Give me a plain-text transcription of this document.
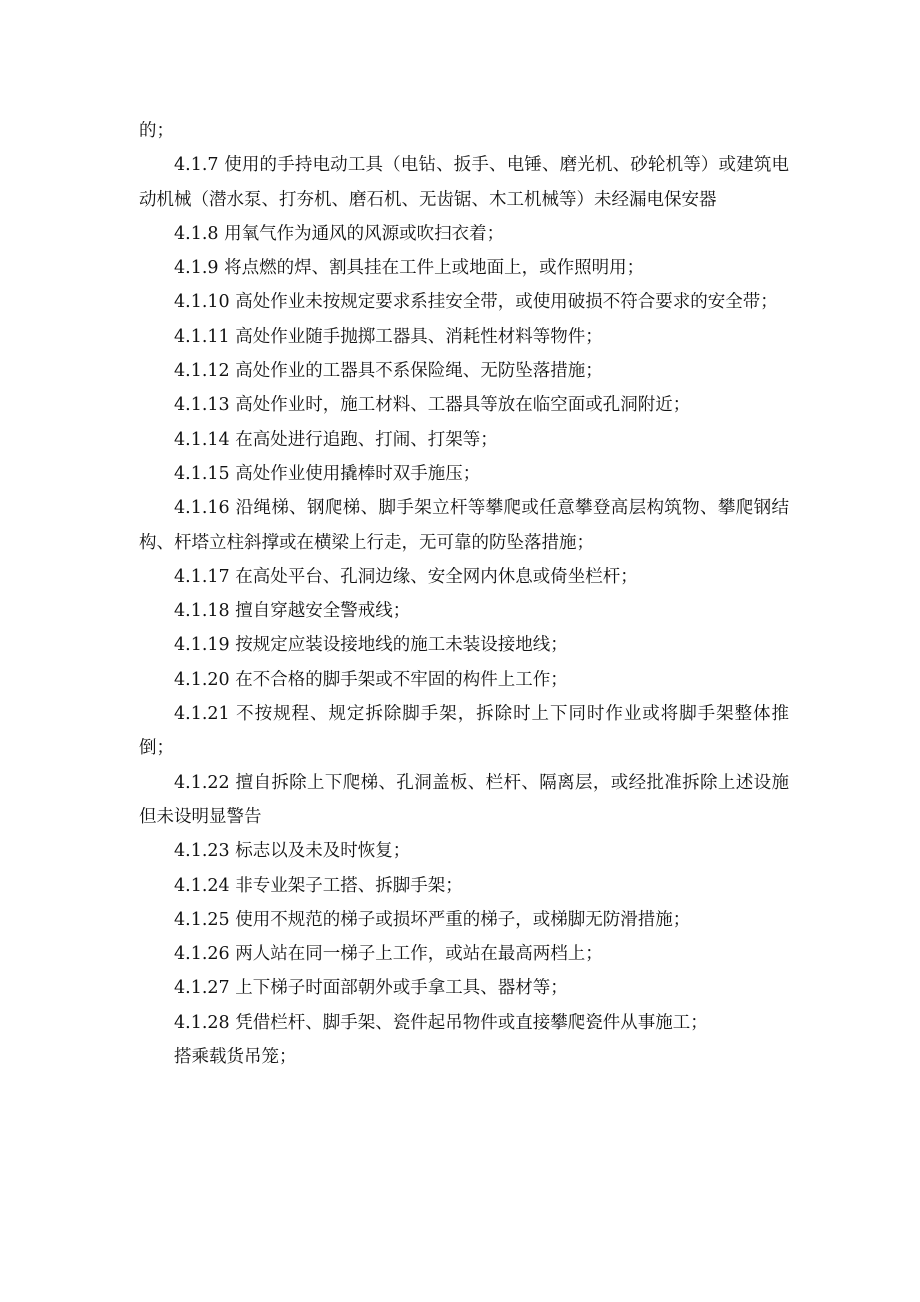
的；

4.1.7 使用的手持电动工具（电钻、扳手、电锤、磨光机、砂轮机等）或建筑电动机械（潜水泵、打夯机、磨石机、无齿锯、木工机械等）未经漏电保安器

4.1.8 用氧气作为通风的风源或吹扫衣着；

4.1.9 将点燃的焊、割具挂在工件上或地面上，或作照明用；

4.1.10 高处作业未按规定要求系挂安全带，或使用破损不符合要求的安全带；

4.1.11 高处作业随手抛掷工器具、消耗性材料等物件；

4.1.12 高处作业的工器具不系保险绳、无防坠落措施；

4.1.13 高处作业时，施工材料、工器具等放在临空面或孔洞附近；

4.1.14 在高处进行追跑、打闹、打架等；

4.1.15 高处作业使用撬棒时双手施压；

4.1.16 沿绳梯、钢爬梯、脚手架立杆等攀爬或任意攀登高层构筑物、攀爬钢结构、杆塔立柱斜撑或在横梁上行走，无可靠的防坠落措施；

4.1.17 在高处平台、孔洞边缘、安全网内休息或倚坐栏杆；

4.1.18 擅自穿越安全警戒线；

4.1.19 按规定应装设接地线的施工未装设接地线；

4.1.20 在不合格的脚手架或不牢固的构件上工作；

4.1.21 不按规程、规定拆除脚手架，拆除时上下同时作业或将脚手架整体推倒；

4.1.22 擅自拆除上下爬梯、孔洞盖板、栏杆、隔离层，或经批准拆除上述设施但未设明显警告

4.1.23 标志以及未及时恢复；

4.1.24 非专业架子工搭、拆脚手架；

4.1.25 使用不规范的梯子或损坏严重的梯子，或梯脚无防滑措施；

4.1.26 两人站在同一梯子上工作，或站在最高两档上；

4.1.27 上下梯子时面部朝外或手拿工具、器材等；

4.1.28 凭借栏杆、脚手架、瓷件起吊物件或直接攀爬瓷件从事施工；

搭乘载货吊笼；
